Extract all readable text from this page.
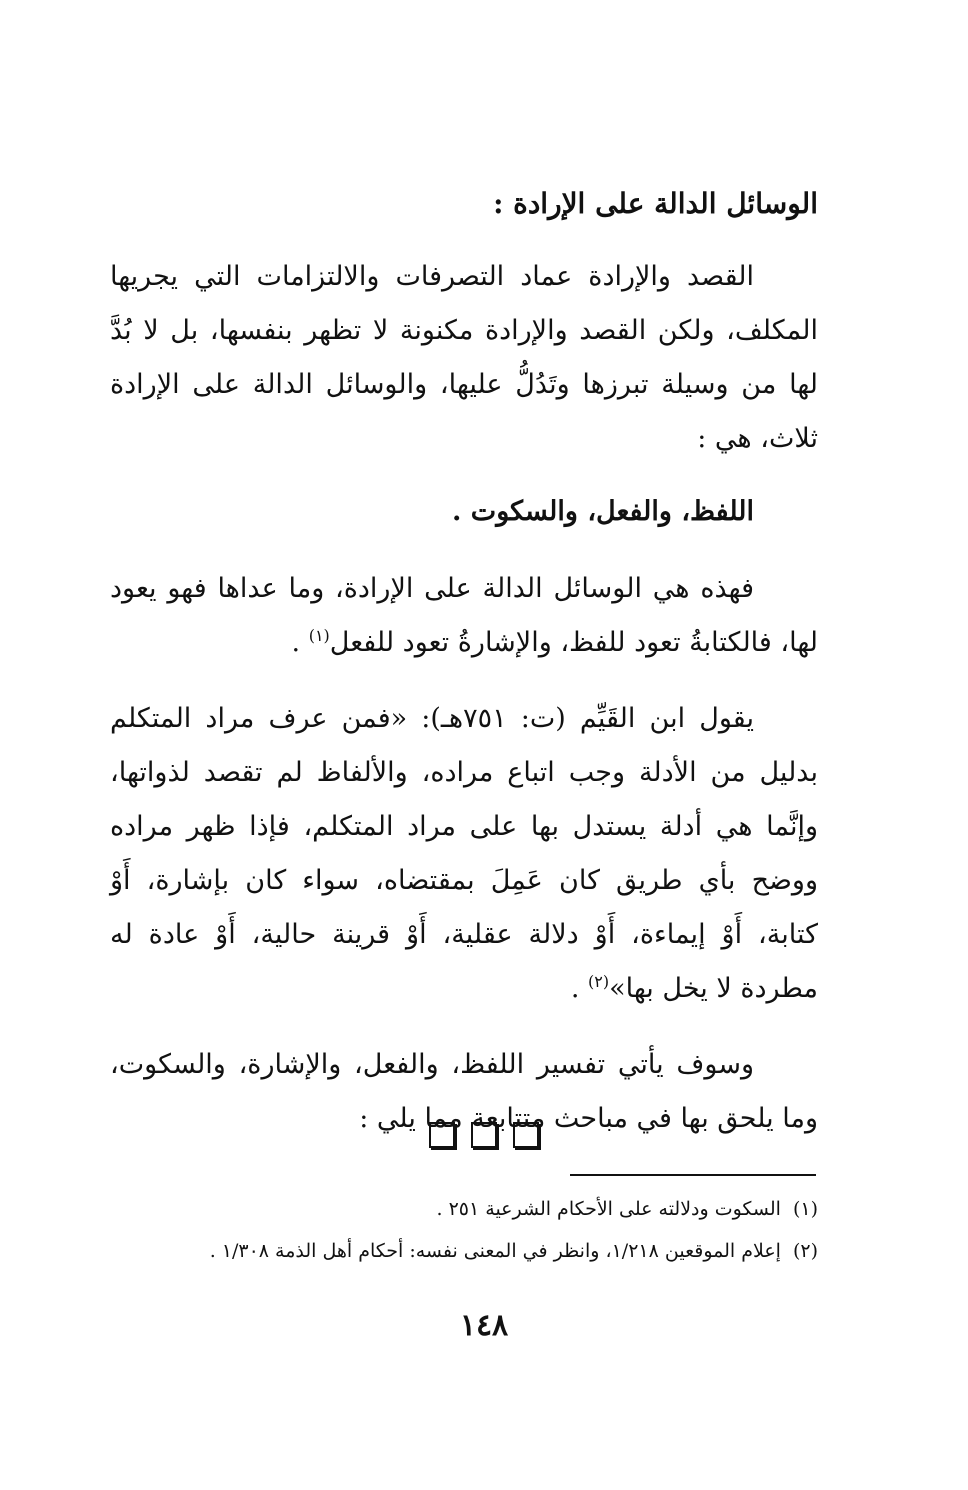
الوسائل الدالة على الإرادة :

القصد والإرادة عماد التصرفات والالتزامات التي يجريها المكلف، ولكن القصد والإرادة مكنونة لا تظهر بنفسها، بل لا بُدَّ لها من وسيلة تبرزها وتَدُلُّ عليها، والوسائل الدالة على الإرادة ثلاث، هي :

اللفظ، والفعل، والسكوت .

فهذه هي الوسائل الدالة على الإرادة، وما عداها فهو يعود لها، فالكتابةُ تعود للفظ، والإشارةُ تعود للفعل$^{(١)}$ .

يقول ابن القَيِّم (ت: ٧٥١هـ): «فمن عرف مراد المتكلم بدليل من الأدلة وجب اتباع مراده، والألفاظ لم تقصد لذواتها، وإنَّما هي أدلة يستدل بها على مراد المتكلم، فإذا ظهر مراده ووضح بأي طريق كان عَمِلَ بمقتضاه، سواء كان بإشارة، أَوْ كتابة، أَوْ إيماءة، أَوْ دلالة عقلية، أَوْ قرينة حالية، أَوْ عادة له مطردة لا يخل بها»$^{(٢)}$ .

وسوف يأتي تفسير اللفظ، والفعل، والإشارة، والسكوت، وما يلحق بها في مباحث متتابعة مما يلي :

(١)السكوت ودلالته على الأحكام الشرعية ٢٥١ .
(٢)إعلام الموقعين ١/٢١٨، وانظر في المعنى نفسه: أحكام أهل الذمة ١/٣٠٨ .
١٤٨
